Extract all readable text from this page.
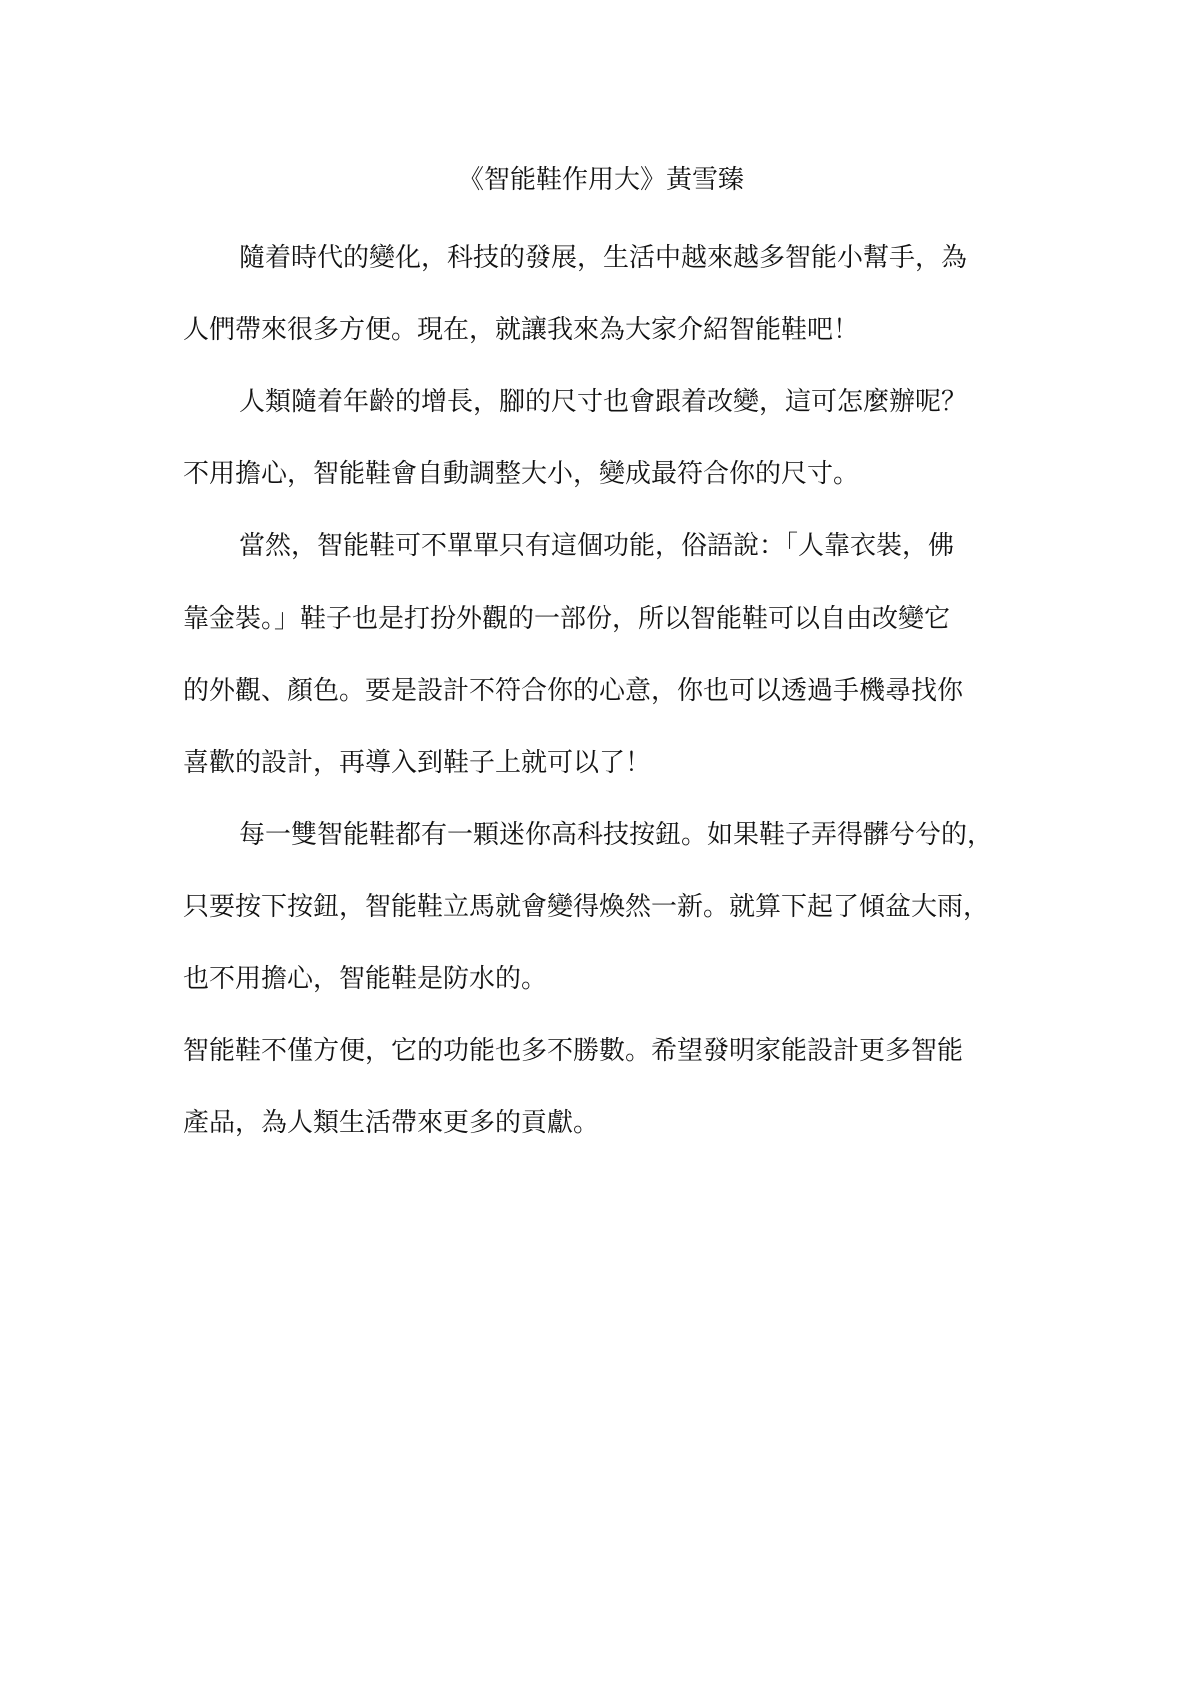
《智能鞋作用大》黃雪臻
隨着時代的變化，科技的發展，生活中越來越多智能小幫手，為
人們帶來很多方便。現在，就讓我來為大家介紹智能鞋吧！
人類隨着年齡的增長，腳的尺寸也會跟着改變，這可怎麼辦呢？
不用擔心，智能鞋會自動調整大小，變成最符合你的尺寸。
當然，智能鞋可不單單只有這個功能，俗語說：「人靠衣裝，佛
靠金裝。」鞋子也是打扮外觀的一部份，所以智能鞋可以自由改變它
的外觀、顏色。要是設計不符合你的心意，你也可以透過手機尋找你
喜歡的設計，再導入到鞋子上就可以了！
每一雙智能鞋都有一顆迷你高科技按鈕。如果鞋子弄得髒兮兮的，
只要按下按鈕，智能鞋立馬就會變得煥然一新。就算下起了傾盆大雨，
也不用擔心，智能鞋是防水的。
智能鞋不僅方便，它的功能也多不勝數。希望發明家能設計更多智能
產品，為人類生活帶來更多的貢獻。
